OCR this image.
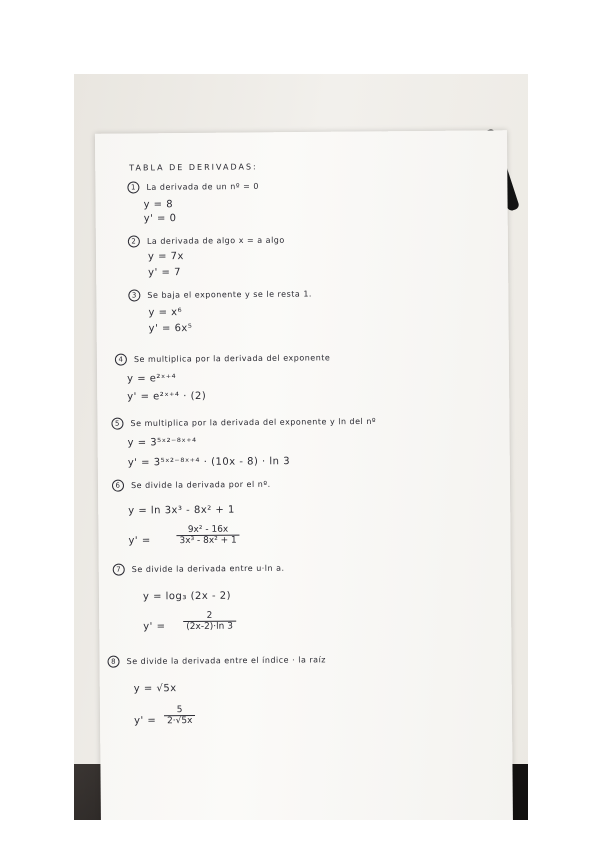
TABLA DE DERIVADAS:
1 La derivada de un nº = 0
y = 8
y' = 0
2 La derivada de algo x = a algo
y = 7x
y' = 7
3 Se baja el exponente y se le resta 1.
y = x⁶
y' = 6x⁵
4 Se multiplica por la derivada del exponente
y = e²ˣ⁺⁴
y' = e²ˣ⁺⁴ · (2)
5 Se multiplica por la derivada del exponente y ln del nº
y = 3⁵ˣ²⁻⁸ˣ⁺⁴
y' = 3⁵ˣ²⁻⁸ˣ⁺⁴ · (10x - 8) · ln 3
6 Se divide la derivada por el nº.
y = ln 3x³ - 8x² + 1
y' =	$\frac{\text{9x² - 16x}}{\text{3x³ - 8x² + 1}}$
7 Se divide la derivada entre u·ln a.
y = log₃ (2x - 2)
$y' = \frac{2}{(2x-2)\cdot\ln 3}$
8 Se divide la derivada entre el índice · la raíz
y = √5x
$y' = \frac{5}{2\cdot√5x}$
